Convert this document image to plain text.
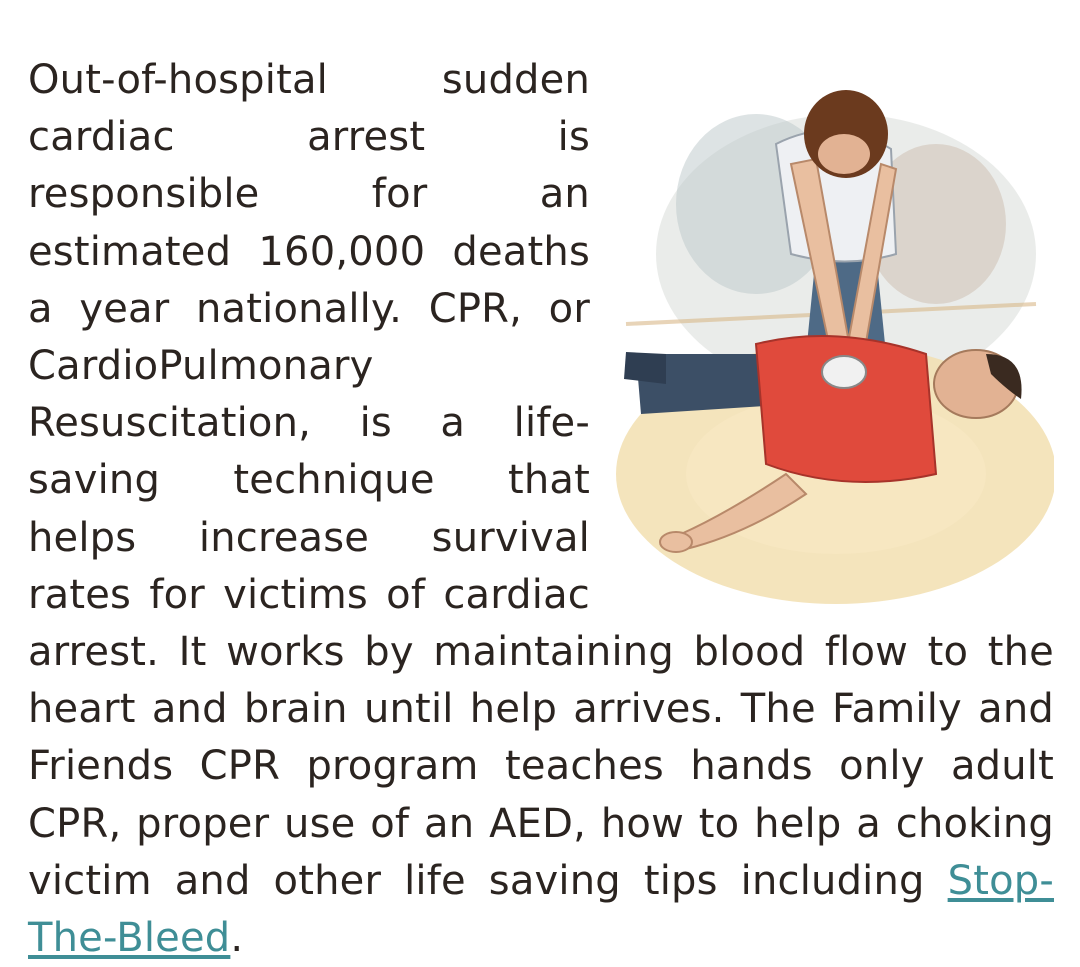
Out-of-hospital sudden cardiac arrest is responsible for an estimated 160,000 deaths a year nationally. CPR, or CardioPulmonary Resuscitation, is a life-saving technique that helps increase survival rates for victims of cardiac arrest. It works by maintaining blood flow to the heart and brain until help arrives. The Family and Friends CPR program teaches hands only adult CPR, proper use of an AED, how to help a choking victim and other life saving tips including Stop-The-Bleed.
